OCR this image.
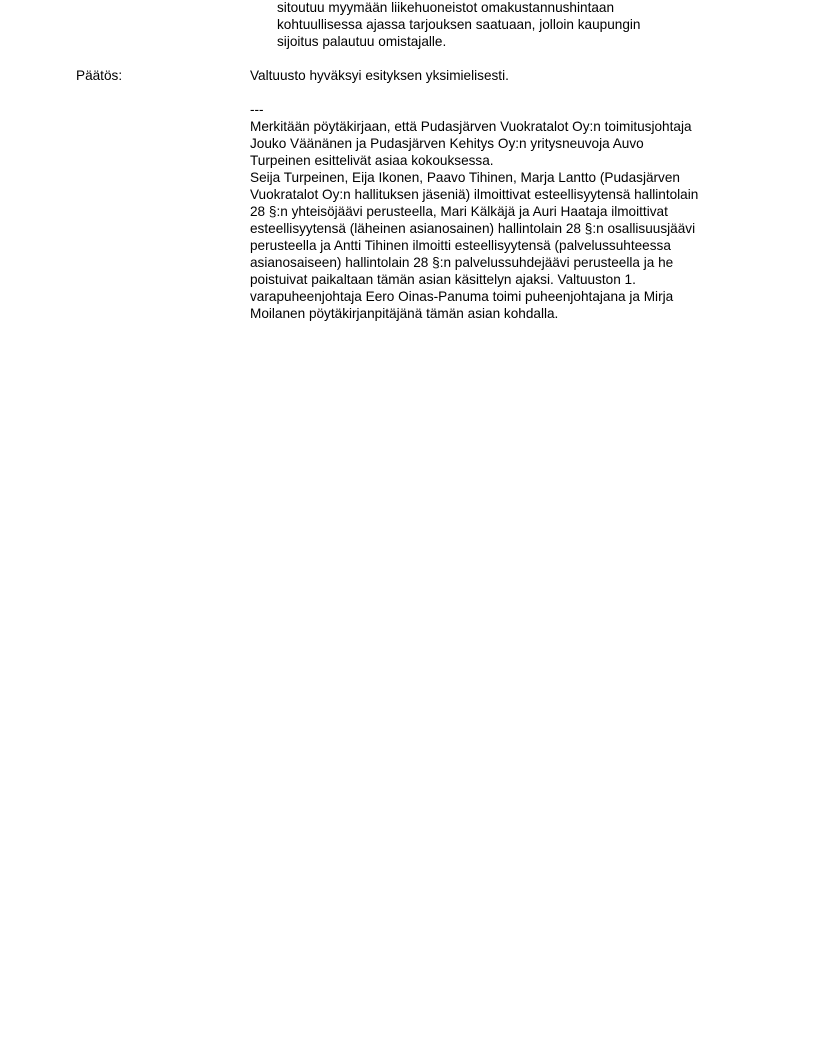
sitoutuu myymään liikehuoneistot omakustannushintaan
kohtuullisessa ajassa tarjouksen saatuaan, jolloin kaupungin
sijoitus palautuu omistajalle.
Päätös:	Valtuusto hyväksyi esityksen yksimielisesti.
---
Merkitään pöytäkirjaan, että Pudasjärven Vuokratalot Oy:n toimitusjohtaja
Jouko Väänänen ja Pudasjärven Kehitys Oy:n yritysneuvoja Auvo
Turpeinen esittelivät asiaa kokouksessa.
Seija Turpeinen, Eija Ikonen, Paavo Tihinen, Marja Lantto (Pudasjärven
Vuokratalot Oy:n hallituksen jäseniä) ilmoittivat esteellisyytensä hallintolain
28 §:n yhteisöjäävi perusteella, Mari Kälkäjä ja Auri Haataja ilmoittivat
esteellisyytensä (läheinen asianosainen) hallintolain 28 §:n osallisuusjäävi
perusteella ja Antti Tihinen ilmoitti esteellisyytensä (palvelussuhteessa
asianosaiseen) hallintolain 28 §:n palvelussuhdejäävi perusteella ja he
poistuivat paikaltaan tämän asian käsittelyn ajaksi. Valtuuston 1.
varapuheenjohtaja Eero Oinas-Panuma toimi puheenjohtajana ja Mirja
Moilanen pöytäkirjanpitäjänä tämän asian kohdalla.
